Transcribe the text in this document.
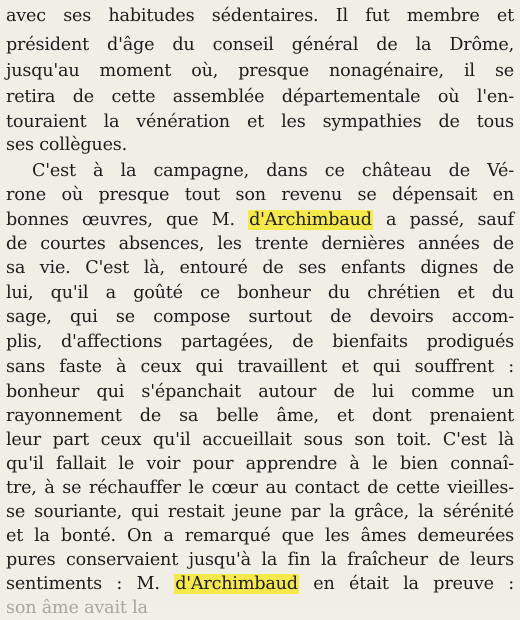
avec ses habitudes sédentaires. Il fut membre et
président d'âge du conseil général de la Drôme,
jusqu'au moment où, presque nonagénaire, il se
retira de cette assemblée départementale où l'en-
touraient la vénération et les sympathies de tous
ses collègues.
C'est à la campagne, dans ce château de Vé-
rone où presque tout son revenu se dépensait en
bonnes œuvres, que M. d'Archimbaud a passé, sauf
de courtes absences, les trente dernières années de
sa vie. C'est là, entouré de ses enfants dignes de
lui, qu'il a goûté ce bonheur du chrétien et du
sage, qui se compose surtout de devoirs accom-
plis, d'affections partagées, de bienfaits prodigués
sans faste à ceux qui travaillent et qui souffrent :
bonheur qui s'épanchait autour de lui comme un
rayonnement de sa belle âme, et dont prenaient
leur part ceux qu'il accueillait sous son toit. C'est là
qu'il fallait le voir pour apprendre à le bien connaî-
tre, à se réchauffer le cœur au contact de cette vieilles-
se souriante, qui restait jeune par la grâce, la sérénité
et la bonté. On a remarqué que les âmes demeurées
pures conservaient jusqu'à la fin la fraîcheur de leurs
sentiments : M. d'Archimbaud en était la preuve :
son âme avait la
